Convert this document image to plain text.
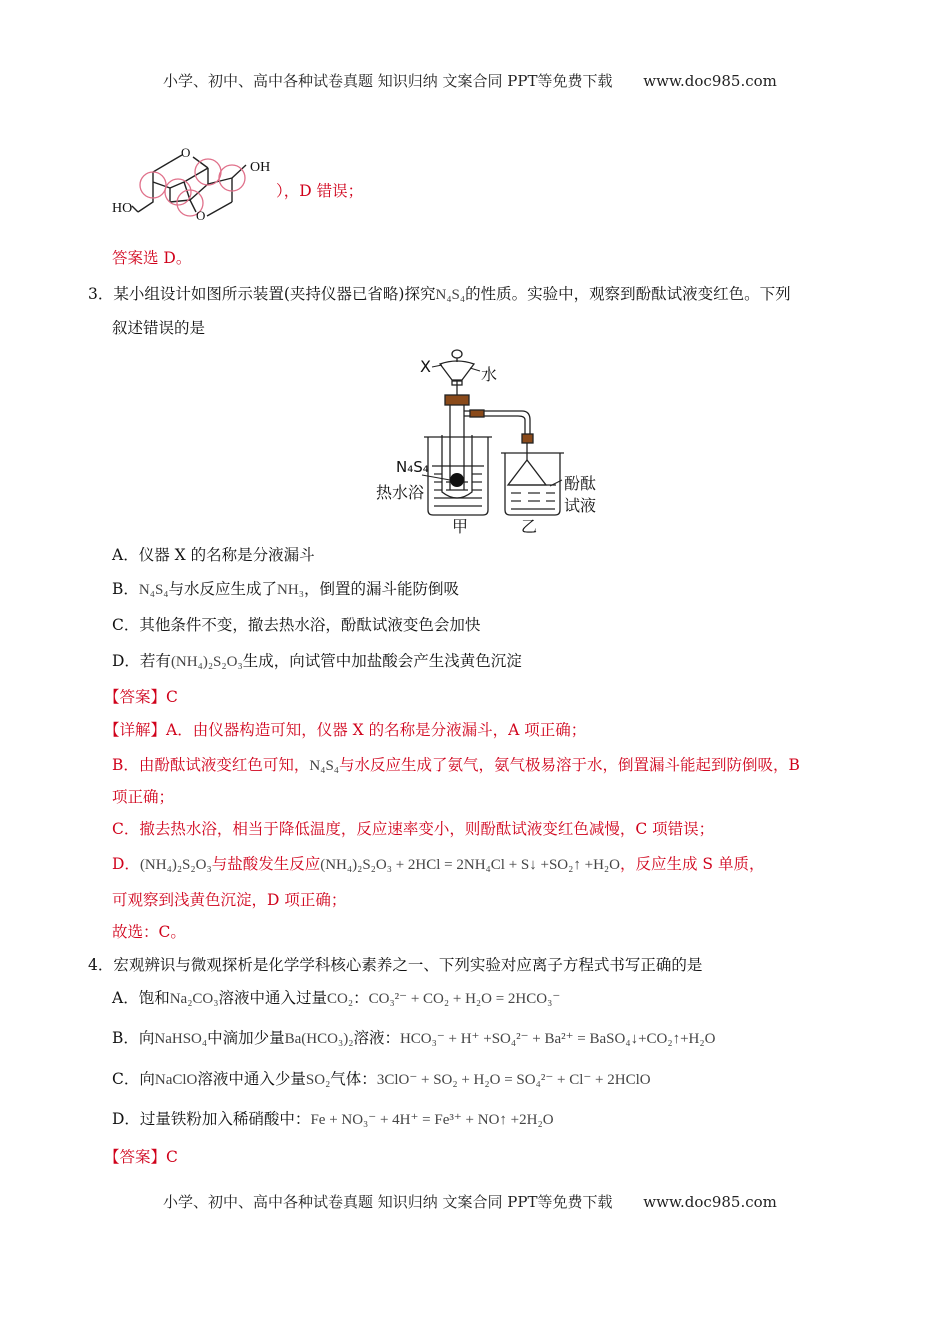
小学、初中、高中各种试卷真题 知识归纳 文案合同 PPT等免费下载 www.doc985.com
O
O
OH
HO
），D 错误；
答案选 D。
3．某小组设计如图所示装置(夹持仪器已省略)探究N₄S₄的性质。实验中，观察到酚酞试液变红色。下列
叙述错误的是
X	水
N₄S₄
热水浴
甲	乙
酚酞
试液
A．仪器 X 的名称是分液漏斗
B．N₄S₄与水反应生成了NH₃，倒置的漏斗能防倒吸
C．其他条件不变，撤去热水浴，酚酞试液变色会加快
D．若有(NH₄)₂S₂O₃生成，向试管中加盐酸会产生浅黄色沉淀
【答案】C
【详解】A．由仪器构造可知，仪器 X 的名称是分液漏斗，A 项正确；
B．由酚酞试液变红色可知，N₄S₄与水反应生成了氨气，氨气极易溶于水，倒置漏斗能起到防倒吸，B
项正确；
C．撤去热水浴，相当于降低温度，反应速率变小，则酚酞试液变红色减慢，C 项错误；
D．(NH₄)₂S₂O₃与盐酸发生反应(NH₄)₂S₂O₃ + 2HCl = 2NH₄Cl + S↓ +SO₂↑ +H₂O，反应生成 S 单质，
可观察到浅黄色沉淀，D 项正确；
故选：C。
4．宏观辨识与微观探析是化学学科核心素养之一、下列实验对应离子方程式书写正确的是
A．饱和Na₂CO₃溶液中通入过量CO₂：CO₃²⁻ + CO₂ + H₂O = 2HCO₃⁻
B．向NaHSO₄中滴加少量Ba(HCO₃)₂溶液：HCO₃⁻ + H⁺ +SO₄²⁻ + Ba²⁺ = BaSO₄↓+CO₂↑+H₂O
C．向NaClO溶液中通入少量SO₂气体：3ClO⁻ + SO₂ + H₂O = SO₄²⁻ + Cl⁻ + 2HClO
D．过量铁粉加入稀硝酸中：Fe + NO₃⁻ + 4H⁺ = Fe³⁺ + NO↑ +2H₂O
【答案】C
小学、初中、高中各种试卷真题 知识归纳 文案合同 PPT等免费下载 www.doc985.com
